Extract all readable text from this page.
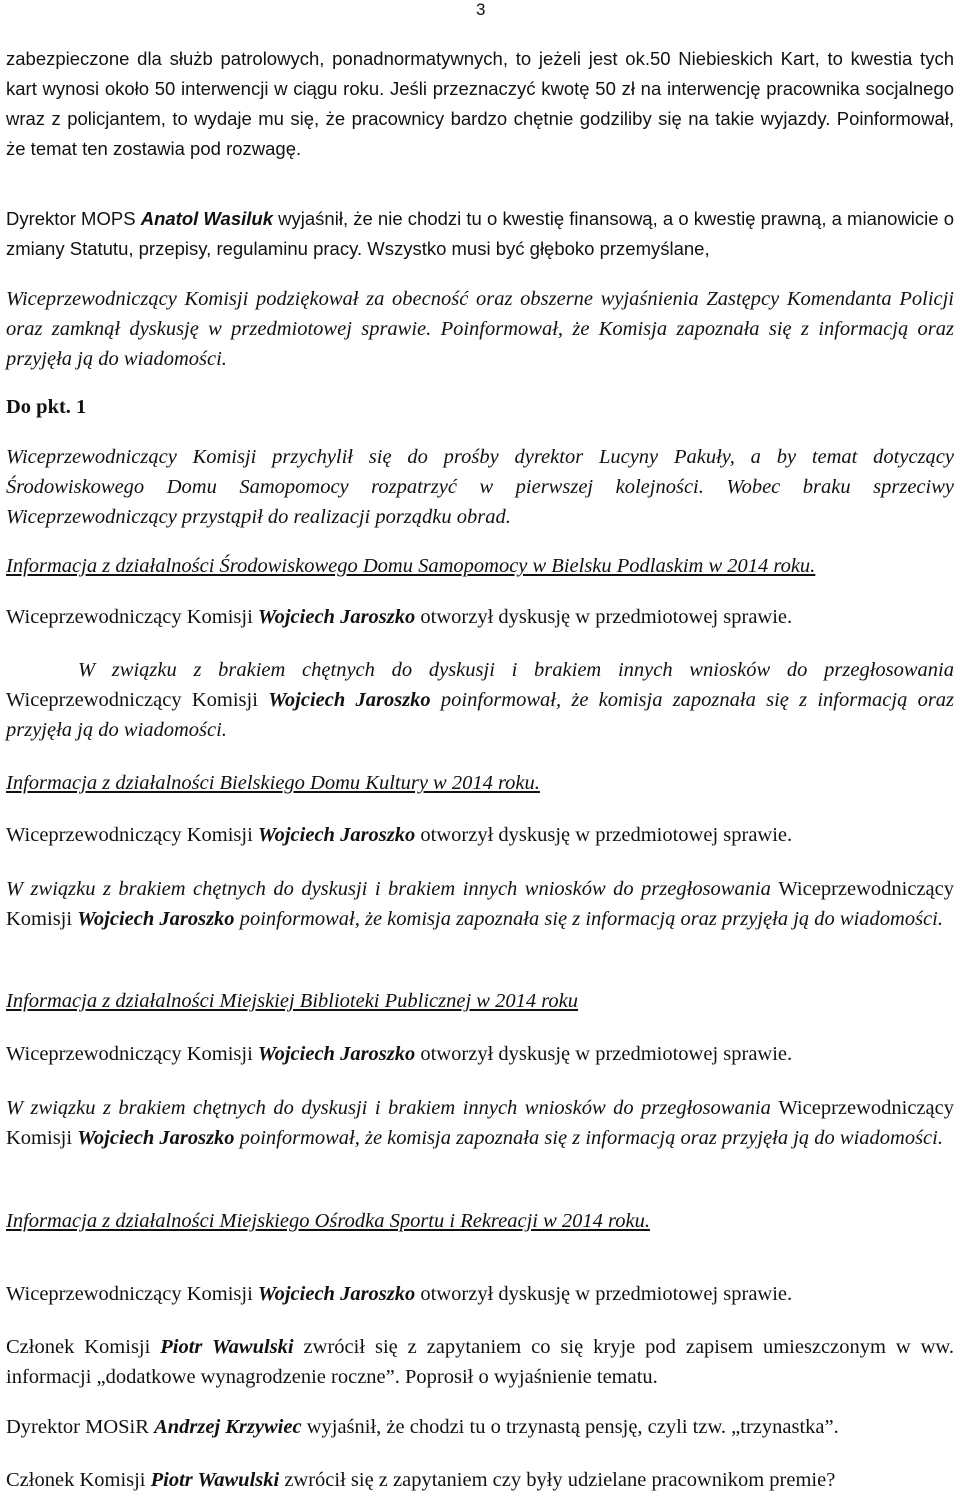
3

zabezpieczone dla służb patrolowych, ponadnormatywnych, to jeżeli jest ok.50 Niebieskich Kart, to kwestia tych kart wynosi około 50 interwencji w ciągu roku. Jeśli przeznaczyć kwotę 50 zł na interwencję pracownika socjalnego wraz z policjantem, to wydaje mu się, że pracownicy bardzo chętnie godziliby się na takie wyjazdy. Poinformował, że temat ten zostawia pod rozwagę.

Dyrektor MOPS Anatol Wasiluk wyjaśnił, że nie chodzi tu o kwestię finansową, a o kwestię prawną, a mianowicie o zmiany Statutu, przepisy, regulaminu pracy. Wszystko musi być głęboko przemyślane,

Wiceprzewodniczący Komisji podziękował za obecność oraz obszerne wyjaśnienia Zastępcy Komendanta Policji oraz zamknął dyskusję w przedmiotowej sprawie. Poinformował, że Komisja zapoznała się z informacją oraz przyjęła ją do wiadomości.

Do pkt. 1

Wiceprzewodniczący Komisji przychylił się do prośby dyrektor Lucyny Pakuły, a by temat dotyczący Środowiskowego Domu Samopomocy rozpatrzyć w pierwszej kolejności. Wobec braku sprzeciwy Wiceprzewodniczący przystąpił do realizacji porządku obrad.

Informacja z działalności Środowiskowego Domu Samopomocy w Bielsku Podlaskim w 2014 roku.

Wiceprzewodniczący Komisji Wojciech Jaroszko otworzył dyskusję w przedmiotowej sprawie.

W związku z brakiem chętnych do dyskusji i brakiem innych wniosków do przegłosowania Wiceprzewodniczący Komisji Wojciech Jaroszko poinformował, że komisja zapoznała się z informacją oraz przyjęła ją do wiadomości.

Informacja z działalności Bielskiego Domu Kultury w 2014 roku.

Wiceprzewodniczący Komisji Wojciech Jaroszko otworzył dyskusję w przedmiotowej sprawie.

W związku z brakiem chętnych do dyskusji i brakiem innych wniosków do przegłosowania Wiceprzewodniczący Komisji Wojciech Jaroszko poinformował, że komisja zapoznała się z informacją oraz przyjęła ją do wiadomości.

Informacja z działalności Miejskiej Biblioteki Publicznej w 2014 roku

Wiceprzewodniczący Komisji Wojciech Jaroszko otworzył dyskusję w przedmiotowej sprawie.

W związku z brakiem chętnych do dyskusji i brakiem innych wniosków do przegłosowania Wiceprzewodniczący Komisji Wojciech Jaroszko poinformował, że komisja zapoznała się z informacją oraz przyjęła ją do wiadomości.

Informacja z działalności Miejskiego Ośrodka Sportu i Rekreacji w 2014 roku.

Wiceprzewodniczący Komisji Wojciech Jaroszko otworzył dyskusję w przedmiotowej sprawie.

Członek Komisji Piotr Wawulski zwrócił się z zapytaniem co się kryje pod zapisem umieszczonym w ww. informacji „dodatkowe wynagrodzenie roczne”. Poprosił o wyjaśnienie tematu.

Dyrektor MOSiR Andrzej Krzywiec wyjaśnił, że chodzi tu o trzynastą pensję, czyli tzw. „trzynastka”.

Członek Komisji Piotr Wawulski zwrócił się z zapytaniem czy były udzielane pracownikom premie?
